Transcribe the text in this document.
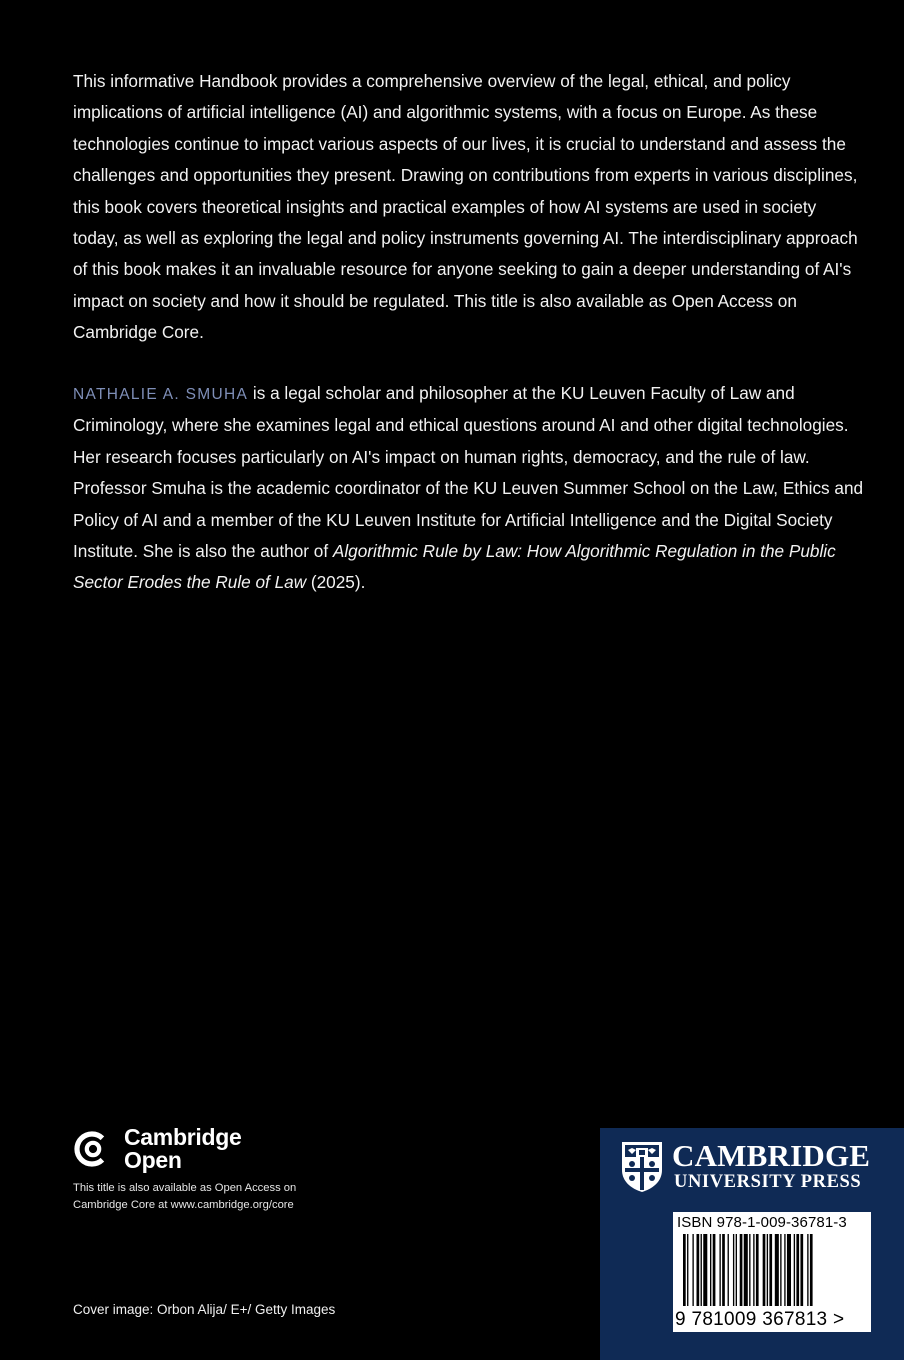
This informative Handbook provides a comprehensive overview of the legal, ethical, and policy implications of artificial intelligence (AI) and algorithmic systems, with a focus on Europe. As these technologies continue to impact various aspects of our lives, it is crucial to understand and assess the challenges and opportunities they present. Drawing on contributions from experts in various disciplines, this book covers theoretical insights and practical examples of how AI systems are used in society today, as well as exploring the legal and policy instruments governing AI. The interdisciplinary approach of this book makes it an invaluable resource for anyone seeking to gain a deeper understanding of AI's impact on society and how it should be regulated. This title is also available as Open Access on Cambridge Core.

NATHALIE A. SMUHA is a legal scholar and philosopher at the KU Leuven Faculty of Law and Criminology, where she examines legal and ethical questions around AI and other digital technologies. Her research focuses particularly on AI's impact on human rights, democracy, and the rule of law. Professor Smuha is the academic coordinator of the KU Leuven Summer School on the Law, Ethics and Policy of AI and a member of the KU Leuven Institute for Artificial Intelligence and the Digital Society Institute. She is also the author of Algorithmic Rule by Law: How Algorithmic Regulation in the Public Sector Erodes the Rule of Law (2025).

Cambridge
Open
This title is also available as Open Access on Cambridge Core at www.cambridge.org/core
Cover image: Orbon Alija/ E+/ Getty Images
CAMBRIDGE
UNIVERSITY PRESS
ISBN 978-1-009-36781-3
9 781009 367813 >
